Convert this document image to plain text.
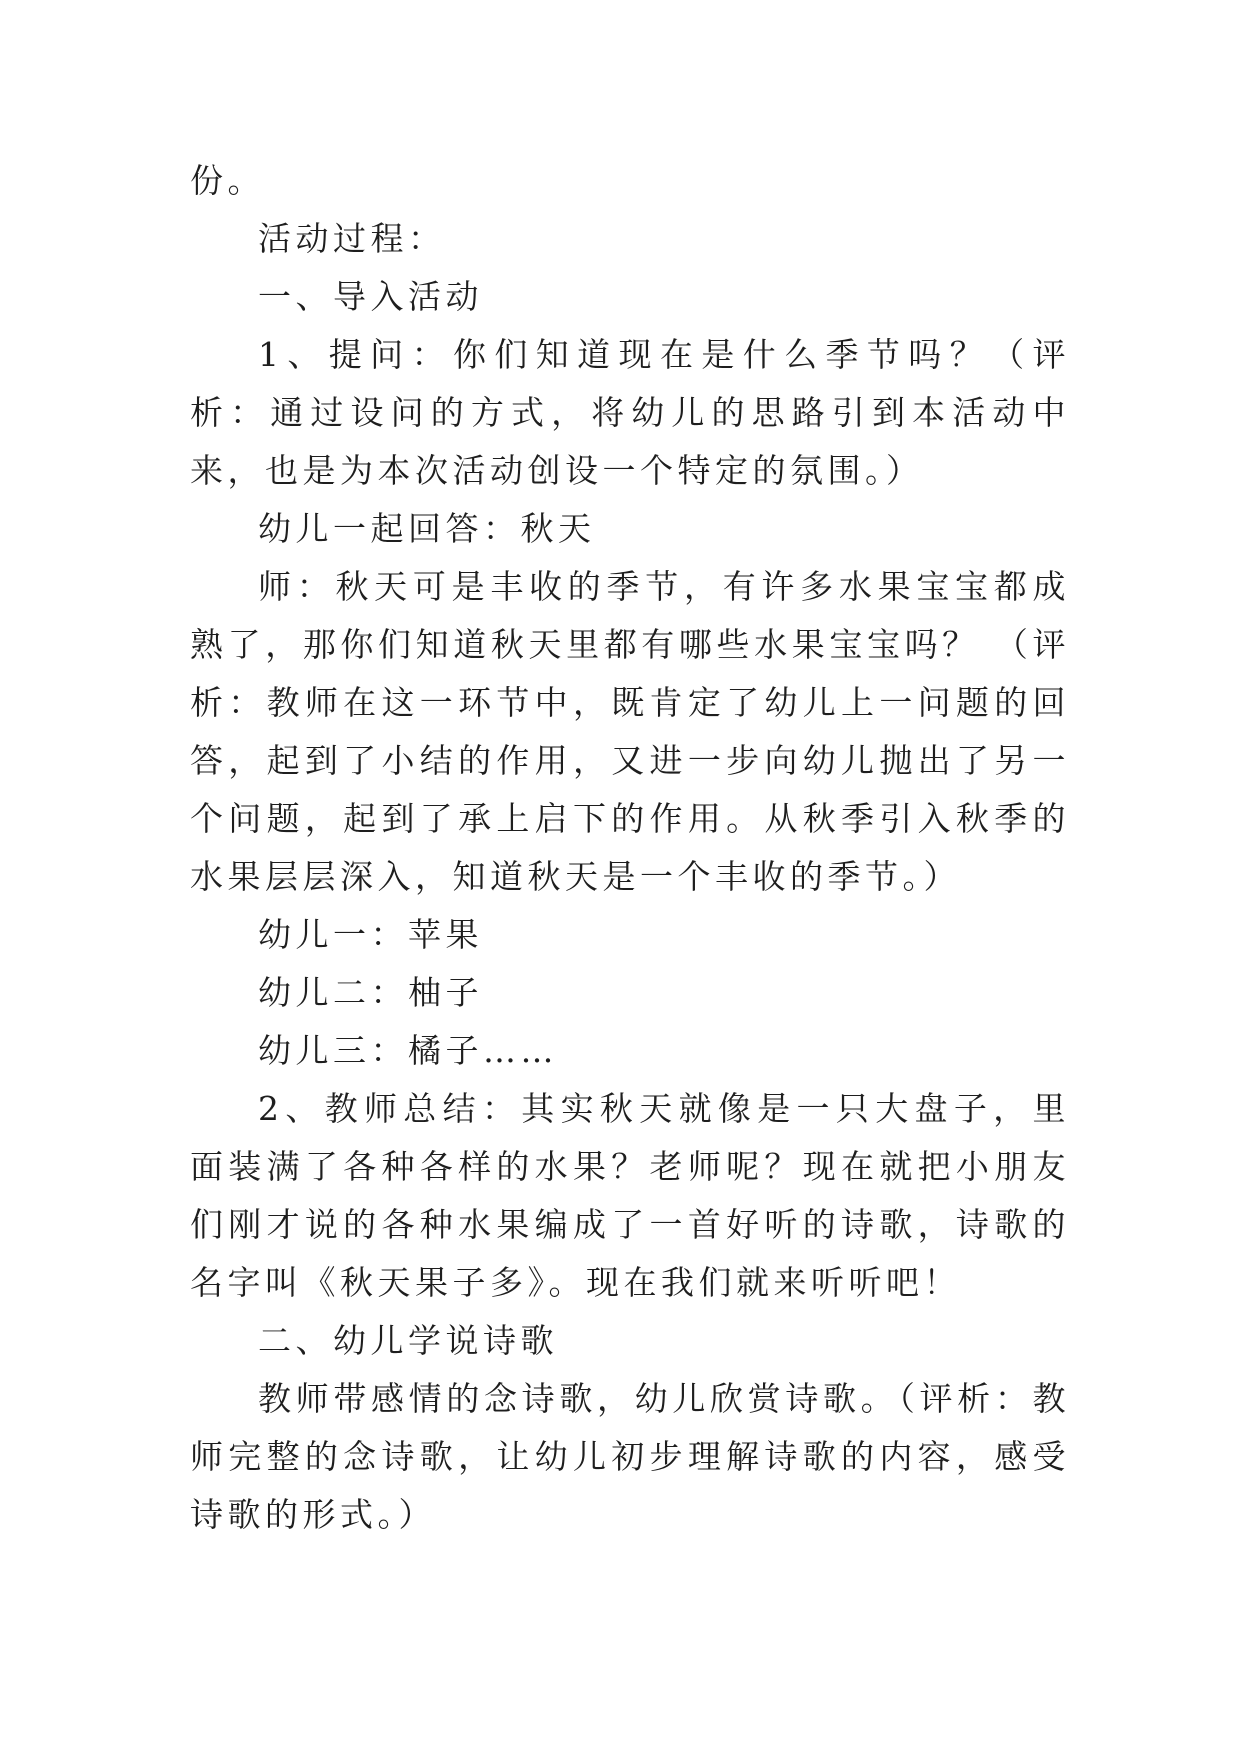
份。

活动过程：

一、导入活动

1、提问：你们知道现在是什么季节吗？（评析：通过设问的方式，将幼儿的思路引到本活动中来，也是为本次活动创设一个特定的氛围。）

幼儿一起回答：秋天

师：秋天可是丰收的季节，有许多水果宝宝都成熟了，那你们知道秋天里都有哪些水果宝宝吗？ （评析：教师在这一环节中，既肯定了幼儿上一问题的回答，起到了小结的作用，又进一步向幼儿抛出了另一个问题，起到了承上启下的作用。从秋季引入秋季的水果层层深入，知道秋天是一个丰收的季节。）

幼儿一：苹果

幼儿二：柚子

幼儿三：橘子……

2、教师总结：其实秋天就像是一只大盘子，里面装满了各种各样的水果？老师呢？现在就把小朋友们刚才说的各种水果编成了一首好听的诗歌，诗歌的名字叫《秋天果子多》。现在我们就来听听吧！

二、幼儿学说诗歌

教师带感情的念诗歌，幼儿欣赏诗歌。（评析：教师完整的念诗歌，让幼儿初步理解诗歌的内容，感受诗歌的形式。）
